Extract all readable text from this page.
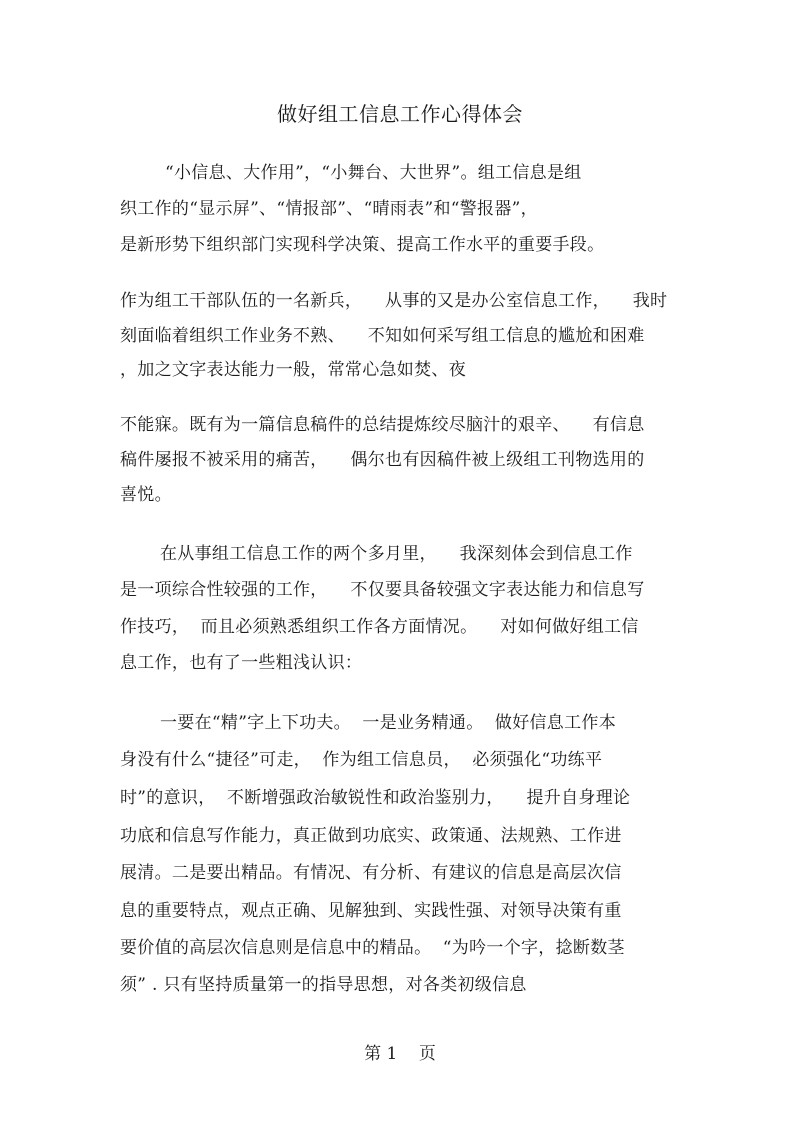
做好组工信息工作心得体会
“小信息、大作用”，“小舞台、大世界”。组工信息是组
织工作的“显示屏”、“情报部”、“晴雨表”和“警报器”，
是新形势下组织部门实现科学决策、提高工作水平的重要手段。
作为组工干部队伍的一名新兵，    从事的又是办公室信息工作，    我时
刻面临着组织工作业务不熟、    不知如何采写组工信息的尴尬和困难
，加之文字表达能力一般，常常心急如焚、夜
不能寐。既有为一篇信息稿件的总结提炼绞尽脑汁的艰辛、    有信息
稿件屡报不被采用的痛苦，    偶尔也有因稿件被上级组工刊物选用的
喜悦。
在从事组工信息工作的两个多月里，    我深刻体会到信息工作
是一项综合性较强的工作，    不仅要具备较强文字表达能力和信息写
作技巧，  而且必须熟悉组织工作各方面情况。    对如何做好组工信
息工作，也有了一些粗浅认识：
一要在“精”字上下功夫。  一是业务精通。  做好信息工作本
身没有什么“捷径”可走，  作为组工信息员，  必须强化“功练平
时”的意识，  不断增强政治敏锐性和政治鉴别力，    提升自身理论
功底和信息写作能力，真正做到功底实、政策通、法规熟、工作进
展清。二是要出精品。有情况、有分析、有建议的信息是高层次信
息的重要特点，观点正确、见解独到、实践性强、对领导决策有重
要价值的高层次信息则是信息中的精品。  “为吟一个字，捻断数茎
须” . 只有坚持质量第一的指导思想，对各类初级信息
第 1    页
